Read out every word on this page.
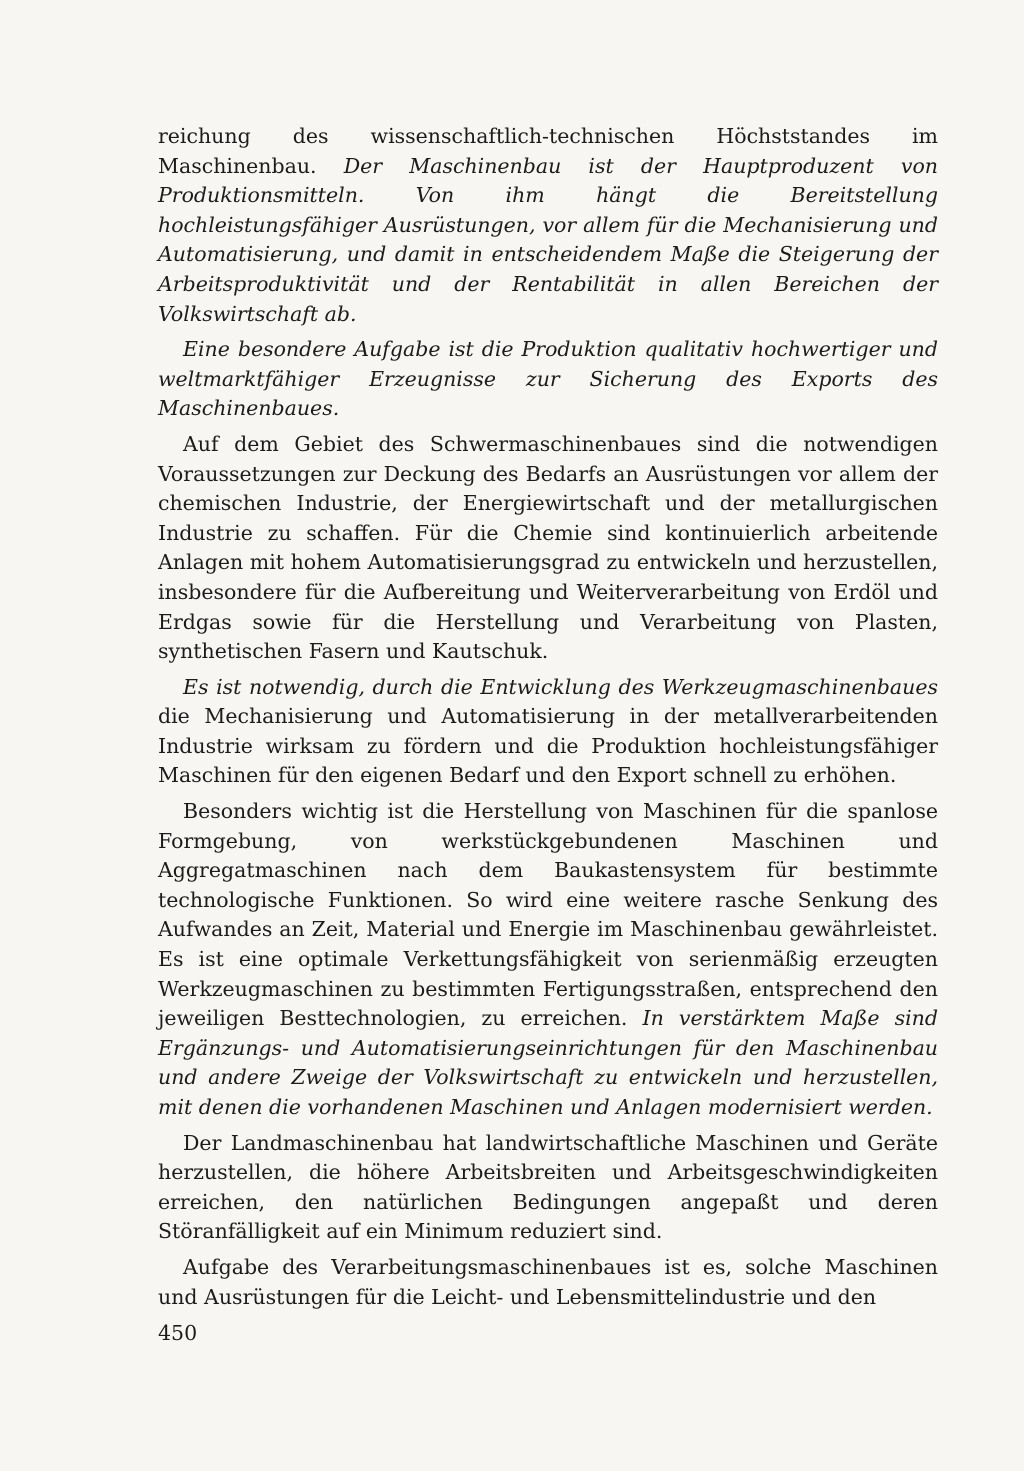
reichung des wissenschaftlich-technischen Höchststandes im Maschinenbau. Der Maschinenbau ist der Hauptproduzent von Produktionsmitteln. Von ihm hängt die Bereitstellung hochleistungsfähiger Ausrüstungen, vor allem für die Mechanisierung und Automatisierung, und damit in entscheidendem Maße die Steigerung der Arbeitsproduktivität und der Rentabilität in allen Bereichen der Volkswirtschaft ab.

Eine besondere Aufgabe ist die Produktion qualitativ hochwertiger und weltmarktfähiger Erzeugnisse zur Sicherung des Exports des Maschinenbaues.

Auf dem Gebiet des Schwermaschinenbaues sind die notwendigen Voraussetzungen zur Deckung des Bedarfs an Ausrüstungen vor allem der chemischen Industrie, der Energiewirtschaft und der metallurgischen Industrie zu schaffen. Für die Chemie sind kontinuierlich arbeitende Anlagen mit hohem Automatisierungsgrad zu entwickeln und herzustellen, insbesondere für die Aufbereitung und Weiterverarbeitung von Erdöl und Erdgas sowie für die Herstellung und Verarbeitung von Plasten, synthetischen Fasern und Kautschuk.

Es ist notwendig, durch die Entwicklung des Werkzeugmaschinenbaues die Mechanisierung und Automatisierung in der metallverarbeitenden Industrie wirksam zu fördern und die Produktion hochleistungsfähiger Maschinen für den eigenen Bedarf und den Export schnell zu erhöhen.

Besonders wichtig ist die Herstellung von Maschinen für die spanlose Formgebung, von werkstückgebundenen Maschinen und Aggregatmaschinen nach dem Baukastensystem für bestimmte technologische Funktionen. So wird eine weitere rasche Senkung des Aufwandes an Zeit, Material und Energie im Maschinenbau gewährleistet. Es ist eine optimale Verkettungsfähigkeit von serienmäßig erzeugten Werkzeugmaschinen zu bestimmten Fertigungsstraßen, entsprechend den jeweiligen Besttechnologien, zu erreichen. In verstärktem Maße sind Ergänzungs- und Automatisierungseinrichtungen für den Maschinenbau und andere Zweige der Volkswirtschaft zu entwickeln und herzustellen, mit denen die vorhandenen Maschinen und Anlagen modernisiert werden.

Der Landmaschinenbau hat landwirtschaftliche Maschinen und Geräte herzustellen, die höhere Arbeitsbreiten und Arbeitsgeschwindigkeiten erreichen, den natürlichen Bedingungen angepaßt und deren Störanfälligkeit auf ein Minimum reduziert sind.

Aufgabe des Verarbeitungsmaschinenbaues ist es, solche Maschinen und Ausrüstungen für die Leicht- und Lebensmittelindustrie und den

450
